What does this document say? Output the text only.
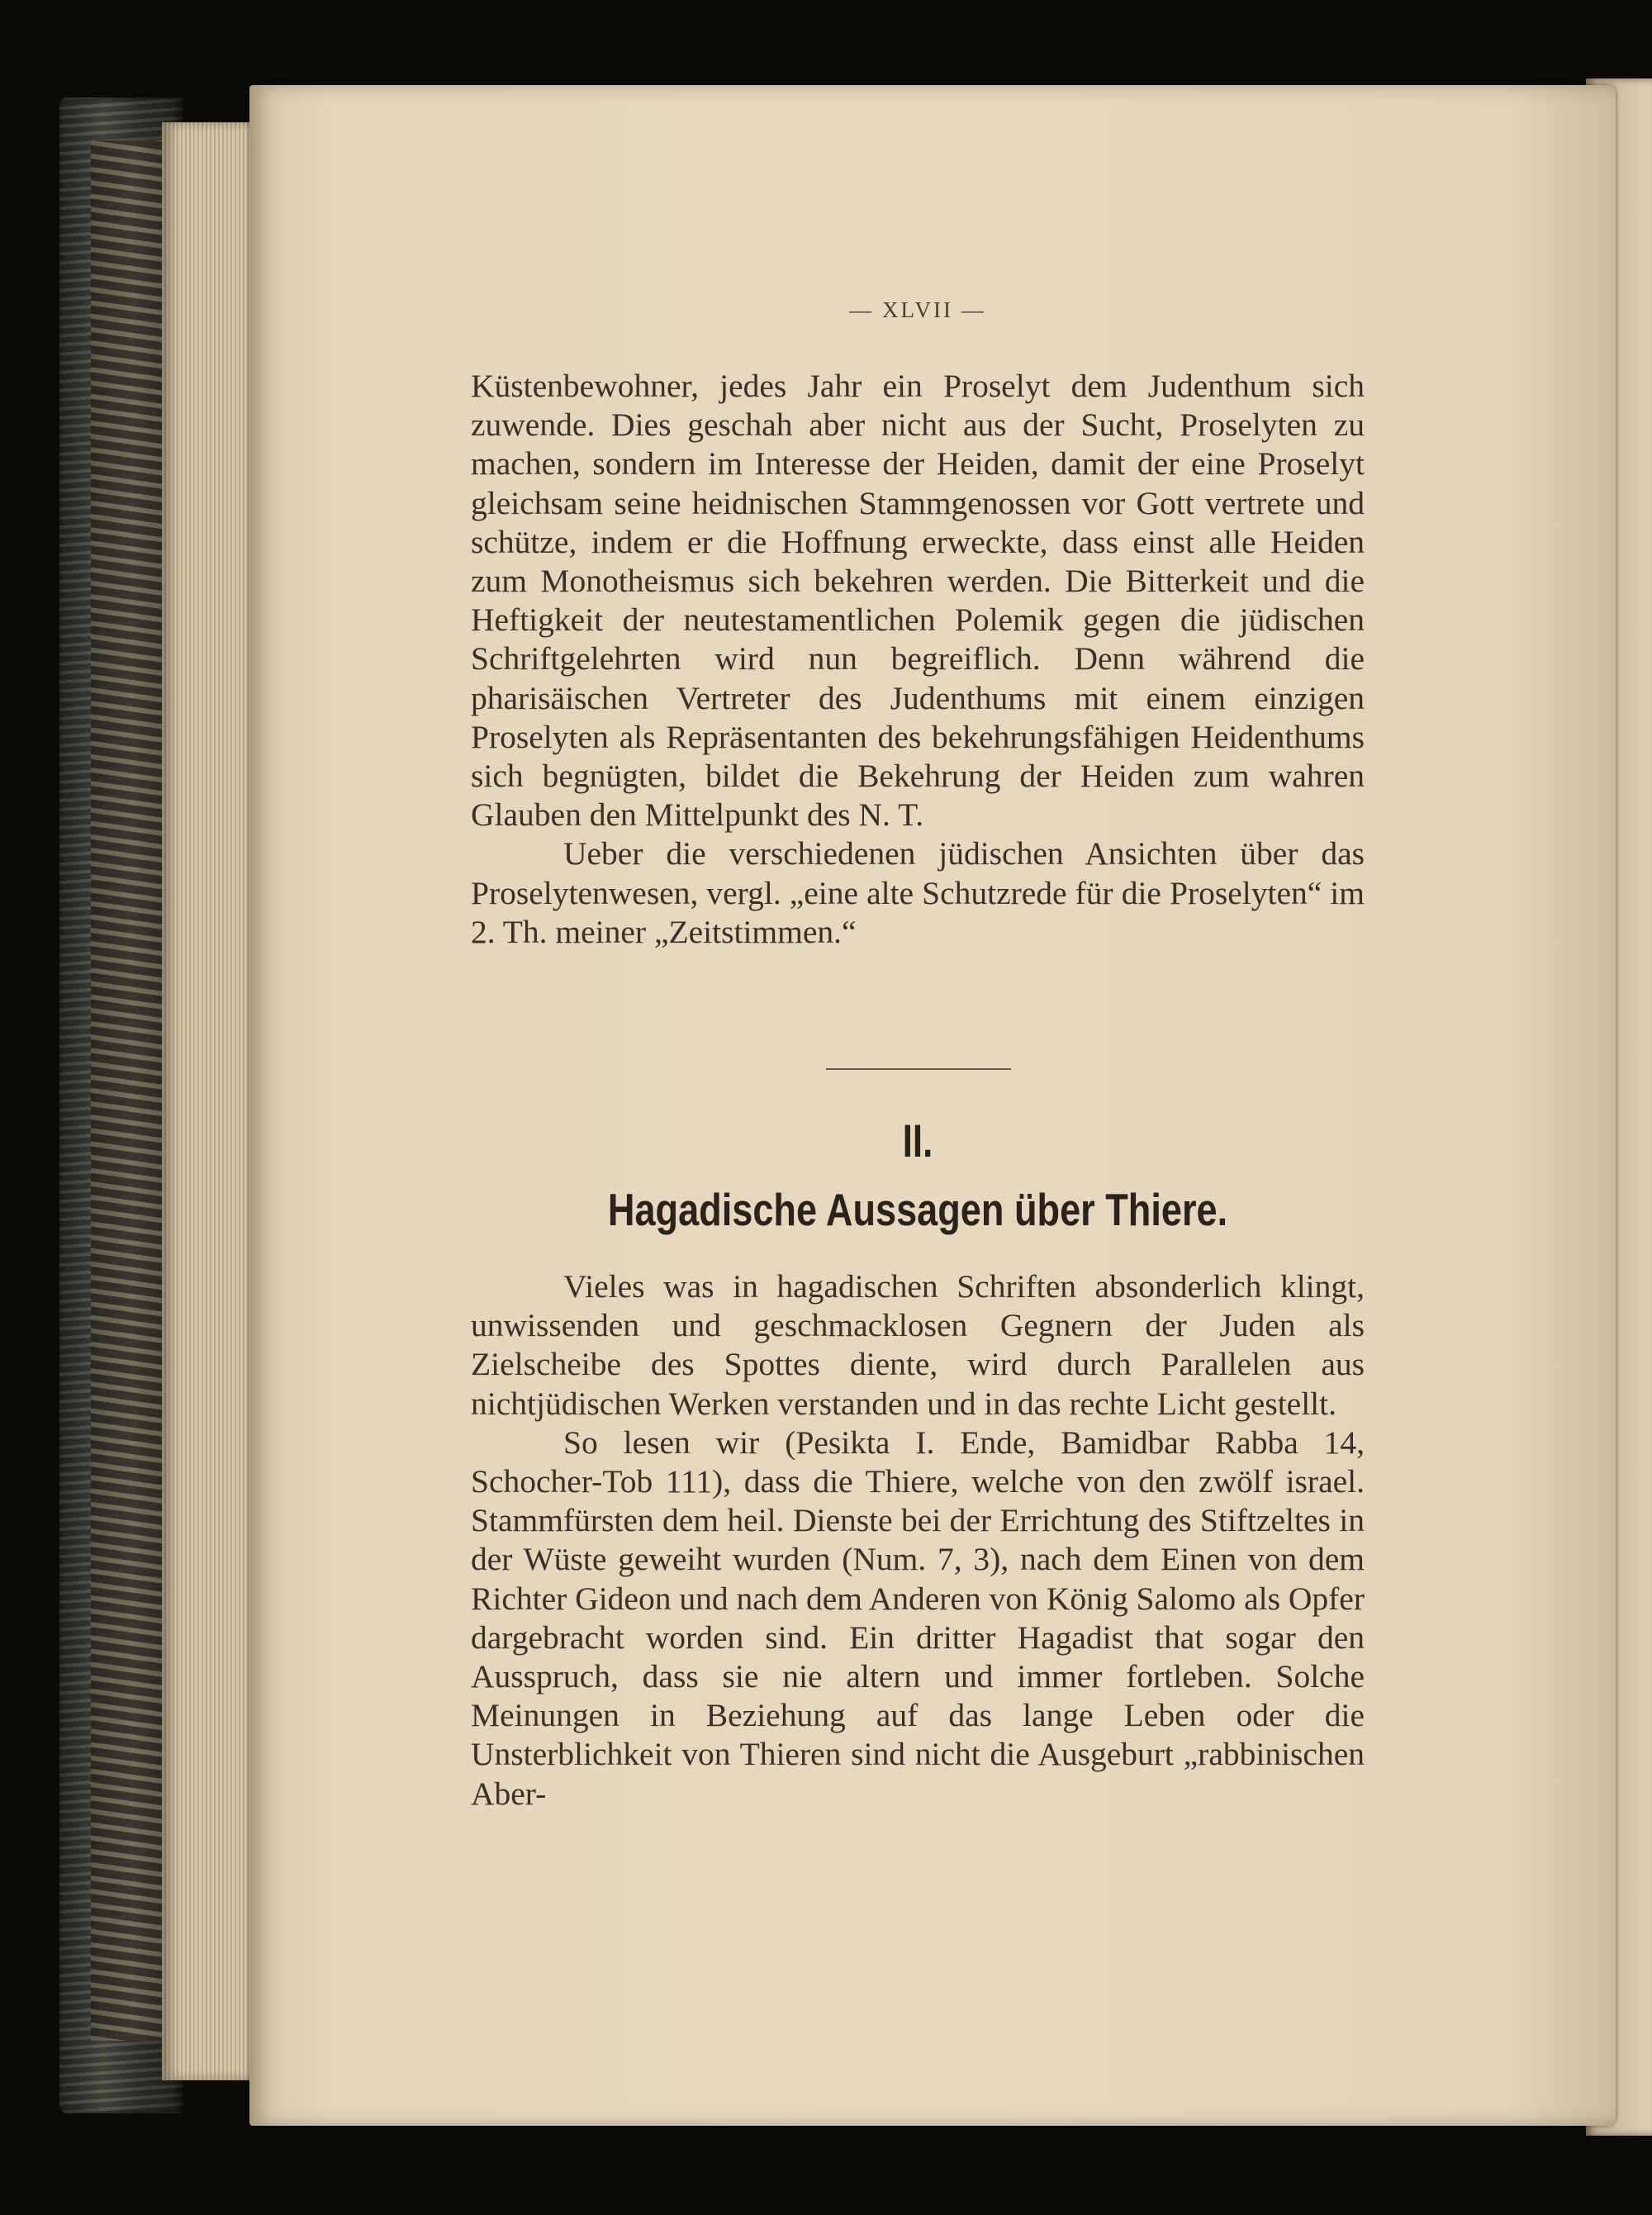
— XLVII —

Küstenbewohner, jedes Jahr ein Proselyt dem Judenthum sich zuwende. Dies geschah aber nicht aus der Sucht, Proselyten zu machen, sondern im Interesse der Heiden, damit der eine Proselyt gleichsam seine heidnischen Stammgenossen vor Gott vertrete und schütze, indem er die Hoffnung erweckte, dass einst alle Heiden zum Monotheismus sich bekehren werden. Die Bitterkeit und die Heftigkeit der neutestamentlichen Polemik gegen die jüdischen Schriftgelehrten wird nun begreiflich. Denn während die pharisäischen Vertreter des Judenthums mit einem einzigen Proselyten als Repräsentanten des bekehrungsfähigen Heidenthums sich begnügten, bildet die Bekehrung der Heiden zum wahren Glauben den Mittelpunkt des N. T.

Ueber die verschiedenen jüdischen Ansichten über das Proselytenwesen, vergl. „eine alte Schutzrede für die Proselyten“ im 2. Th. meiner „Zeitstimmen.“

Vieles was in hagadischen Schriften absonderlich klingt, unwissenden und geschmacklosen Gegnern der Juden als Zielscheibe des Spottes diente, wird durch Parallelen aus nichtjüdischen Werken verstanden und in das rechte Licht gestellt.

So lesen wir (Pesikta I. Ende, Bamidbar Rabba 14, Schocher-Tob 111), dass die Thiere, welche von den zwölf israel. Stammfürsten dem heil. Dienste bei der Errichtung des Stiftzeltes in der Wüste geweiht wurden (Num. 7, 3), nach dem Einen von dem Richter Gideon und nach dem Anderen von König Salomo als Opfer dargebracht worden sind. Ein dritter Hagadist that sogar den Ausspruch, dass sie nie altern und immer fortleben. Solche Meinungen in Beziehung auf das lange Leben oder die Unsterblichkeit von Thieren sind nicht die Ausgeburt „rabbinischen Aber-

II.
Hagadische Aussagen über Thiere.
